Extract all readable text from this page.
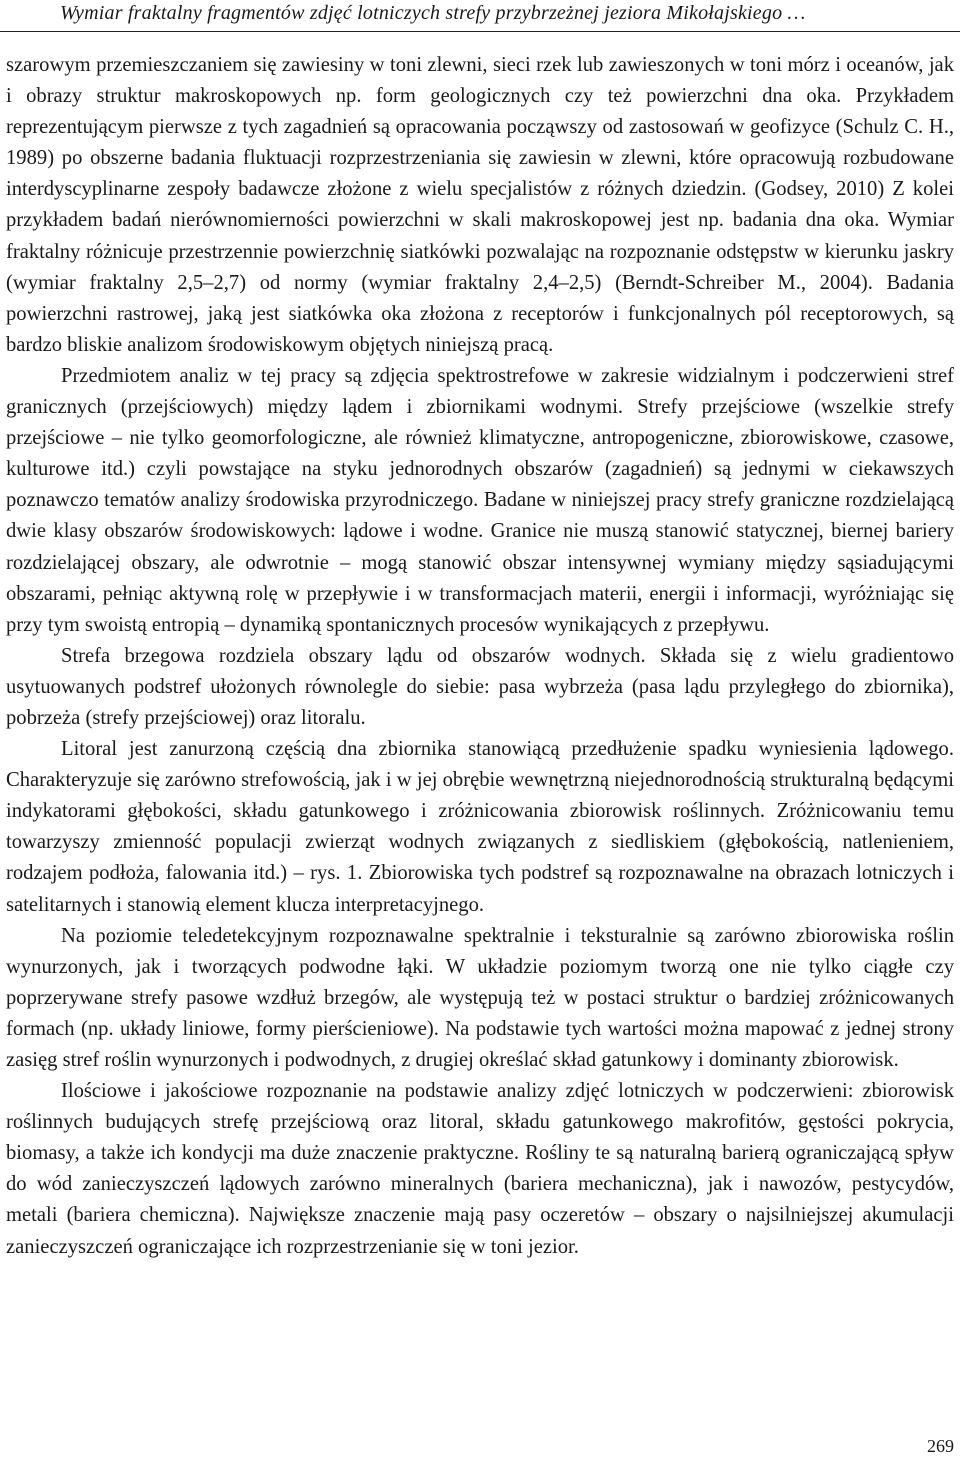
Wymiar fraktalny fragmentów zdjęć lotniczych strefy przybrzeżnej jeziora Mikołajskiego …

szarowym przemieszczaniem się zawiesiny w toni zlewni, sieci rzek lub zawieszonych w toni mórz i oceanów, jak i obrazy struktur makroskopowych np. form geologicznych czy też powierzchni dna oka. Przykładem reprezentującym pierwsze z tych zagadnień są opracowania począwszy od zastosowań w geofizyce (Schulz C. H., 1989) po obszerne badania fluktuacji rozprzestrzeniania się zawiesin w zlewni, które opracowują rozbudowane interdyscyplinarne zespoły badawcze złożone z wielu specjalistów z różnych dziedzin. (Godsey, 2010) Z kolei przykładem badań nierównomierności powierzchni w skali makroskopowej jest np. badania dna oka. Wymiar fraktalny różnicuje przestrzennie powierzchnię siatkówki pozwalając na rozpoznanie odstępstw w kierunku jaskry (wymiar fraktalny 2,5–2,7) od normy (wymiar fraktalny 2,4–2,5) (Berndt-Schreiber M., 2004). Badania powierzchni rastrowej, jaką jest siatkówka oka złożona z receptorów i funkcjonalnych pól receptorowych, są bardzo bliskie analizom środowiskowym objętych niniejszą pracą.

Przedmiotem analiz w tej pracy są zdjęcia spektrostrefowe w zakresie widzialnym i podczerwieni stref granicznych (przejściowych) między lądem i zbiornikami wodnymi. Strefy przejściowe (wszelkie strefy przejściowe – nie tylko geomorfologiczne, ale również klimatyczne, antropogeniczne, zbiorowiskowe, czasowe, kulturowe itd.) czyli powstające na styku jednorodnych obszarów (zagadnień) są jednymi w ciekawszych poznawczo tematów analizy środowiska przyrodniczego. Badane w niniejszej pracy strefy graniczne rozdzielającą dwie klasy obszarów środowiskowych: lądowe i wodne. Granice nie muszą stanowić statycznej, biernej bariery rozdzielającej obszary, ale odwrotnie – mogą stanowić obszar intensywnej wymiany między sąsiadującymi obszarami, pełniąc aktywną rolę w przepływie i w transformacjach materii, energii i informacji, wyróżniając się przy tym swoistą entropią – dynamiką spontanicznych procesów wynikających z przepływu.

Strefa brzegowa rozdziela obszary lądu od obszarów wodnych. Składa się z wielu gradientowo usytuowanych podstref ułożonych równolegle do siebie: pasa wybrzeża (pasa lądu przyległego do zbiornika), pobrzeża (strefy przejściowej) oraz litoralu.

Litoral jest zanurzoną częścią dna zbiornika stanowiącą przedłużenie spadku wyniesienia lądowego. Charakteryzuje się zarówno strefowością, jak i w jej obrębie wewnętrzną niejednorodnością strukturalną będącymi indykatorami głębokości, składu gatunkowego i zróżnicowania zbiorowisk roślinnych. Zróżnicowaniu temu towarzyszy zmienność populacji zwierząt wodnych związanych z siedliskiem (głębokością, natlenieniem, rodzajem podłoża, falowania itd.) – rys. 1. Zbiorowiska tych podstref są rozpoznawalne na obrazach lotniczych i satelitarnych i stanowią element klucza interpretacyjnego.

Na poziomie teledetekcyjnym rozpoznawalne spektralnie i teksturalnie są zarówno zbiorowiska roślin wynurzonych, jak i tworzących podwodne łąki. W układzie poziomym tworzą one nie tylko ciągłe czy poprzerywane strefy pasowe wzdłuż brzegów, ale występują też w postaci struktur o bardziej zróżnicowanych formach (np. układy liniowe, formy pierścieniowe). Na podstawie tych wartości można mapować z jednej strony zasięg stref roślin wynurzonych i podwodnych, z drugiej określać skład gatunkowy i dominanty zbiorowisk.

Ilościowe i jakościowe rozpoznanie na podstawie analizy zdjęć lotniczych w podczerwieni: zbiorowisk roślinnych budujących strefę przejściową oraz litoral, składu gatunkowego makrofitów, gęstości pokrycia, biomasy, a także ich kondycji ma duże znaczenie praktyczne. Rośliny te są naturalną barierą ograniczającą spływ do wód zanieczyszczeń lądowych zarówno mineralnych (bariera mechaniczna), jak i nawozów, pestycydów, metali (bariera chemiczna). Największe znaczenie mają pasy oczeretów – obszary o najsilniejszej akumulacji zanieczyszczeń ograniczające ich rozprzestrzenianie się w toni jezior.

269
